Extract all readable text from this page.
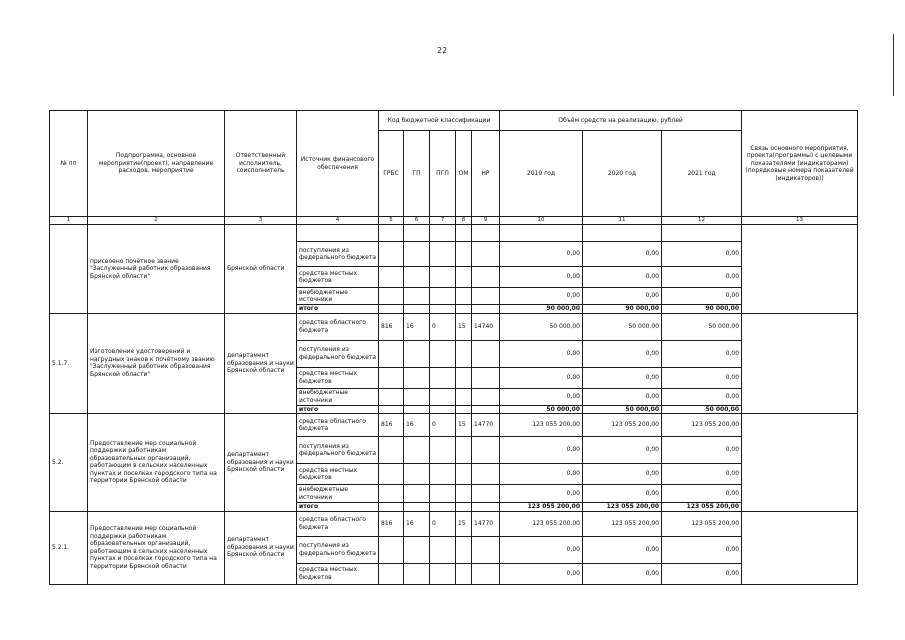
22
№ пп	Подпрограмма, основное мероприятие(проект), направление расходов, мероприятие	Ответственный исполнитель, соисполнитель	Источник финансового обеспечения	Код бюджетной классификации					Объём средств на реализацию, рублей			Связь основного мероприятия, проекта(программы) с целевыми показателями (индикаторами) (порядковые номера показателей (индикаторов))
				ГРБС	ГП	ПГП	ОМ	НР	2019 год	2020 год	2021 год	
1	2	3	4	5	6	7	8	9	10	11	12	13
	присвоено почётное звание "Заслуженный работник образования Брянской области"	Брянской области										
			поступления из федерального бюджета						0,00	0,00	0,00	
			средства местных бюджетов						0,00	0,00	0,00	
			внебюджетные источники						0,00	0,00	0,00	
			итого						90 000,00	90 000,00	90 000,00	
5.1.7.	Изготовление удостоверений и нагрудных знаков к почётному званию "Заслуженный работник образования Брянской области"	департамент образования и науки Брянской области	средства областного бюджета	816	16	0	15	14740	50 000,00	50 000,00	50 000,00	
			поступления из федерального бюджета						0,00	0,00	0,00	
			средства местных бюджетов						0,00	0,00	0,00	
			внебюджетные источники						0,00	0,00	0,00	
			итого						50 000,00	50 000,00	50 000,00	
5.2.	Предоставление мер социальной поддержки работникам образовательных организаций, работающим в сельских населенных пунктах и поселках городского типа на территории Брянской области	департамент образования и науки Брянской области	средства областного бюджета	816	16	0	15	14770	123 055 200,00	123 055 200,00	123 055 200,00	
			поступления из федерального бюджета						0,00	0,00	0,00	
			средства местных бюджетов						0,00	0,00	0,00	
			внебюджетные источники						0,00	0,00	0,00	
			итого						123 055 200,00	123 055 200,00	123 055 200,00	
5.2.1.	Предоставление мер социальной поддержки работникам образовательных организаций, работающим в сельских населенных пунктах и поселках городского типа на территории Брянской области	департамент образования и науки Брянской области	средства областного бюджета	816	16	0	15	14770	123 055 200,00	123 055 200,00	123 055 200,00	
			поступления из федерального бюджета						0,00	0,00	0,00	
			средства местных бюджетов						0,00	0,00	0,00	
